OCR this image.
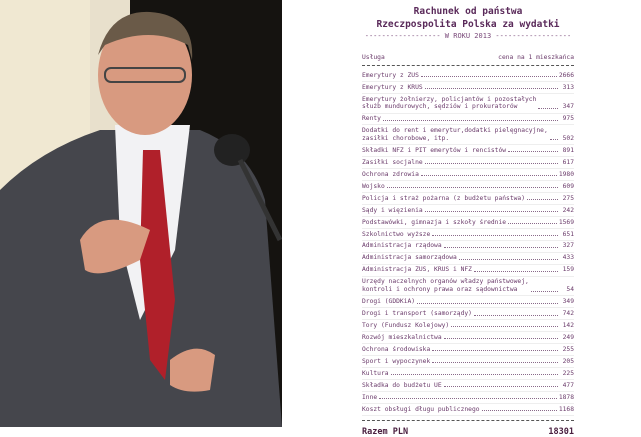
Rachunek od państwa
Rzeczpospolita Polska za wydatki
------------------ W ROKU 2013 ------------------
Usługa	cena na 1 mieszkańca
Emerytury z ZUS	2666
Emerytury z KRUS	313
Emerytury żołnierzy, policjantów i pozostałych
służb mundurowych, sędziów i prokuratorów	347
Renty	975
Dodatki do rent i emerytur,dodatki pielęgnacyjne,
zasiłki chorobowe, itp.	502
Składki NFZ i PIT emerytów i rencistów	891
Zasiłki socjalne	617
Ochrona zdrowia	1980
Wojsko	609
Policja i straż pożarna (z budżetu państwa)	275
Sądy i więzienia	242
Podstawówki, gimnazja i szkoły średnie	1569
Szkolnictwo wyższe	651
Administracja rządowa	327
Administracja samorządowa	433
Administracja ZUS, KRUS i NFZ	159
Urzędy naczelnych organów władzy państwowej,
kontroli i ochrony prawa oraz sądownictwa	54
Drogi (GDDKiA)	349
Drogi i transport (samorządy)	742
Tory (Fundusz Kolejowy)	142
Rozwój mieszkalnictwa	249
Ochrona środowiska	255
Sport i wypoczynek	205
Kultura	225
Składka do budżetu UE	477
Inne	1878
Koszt obsługi długu publicznego	1168
Razem PLN	18301
